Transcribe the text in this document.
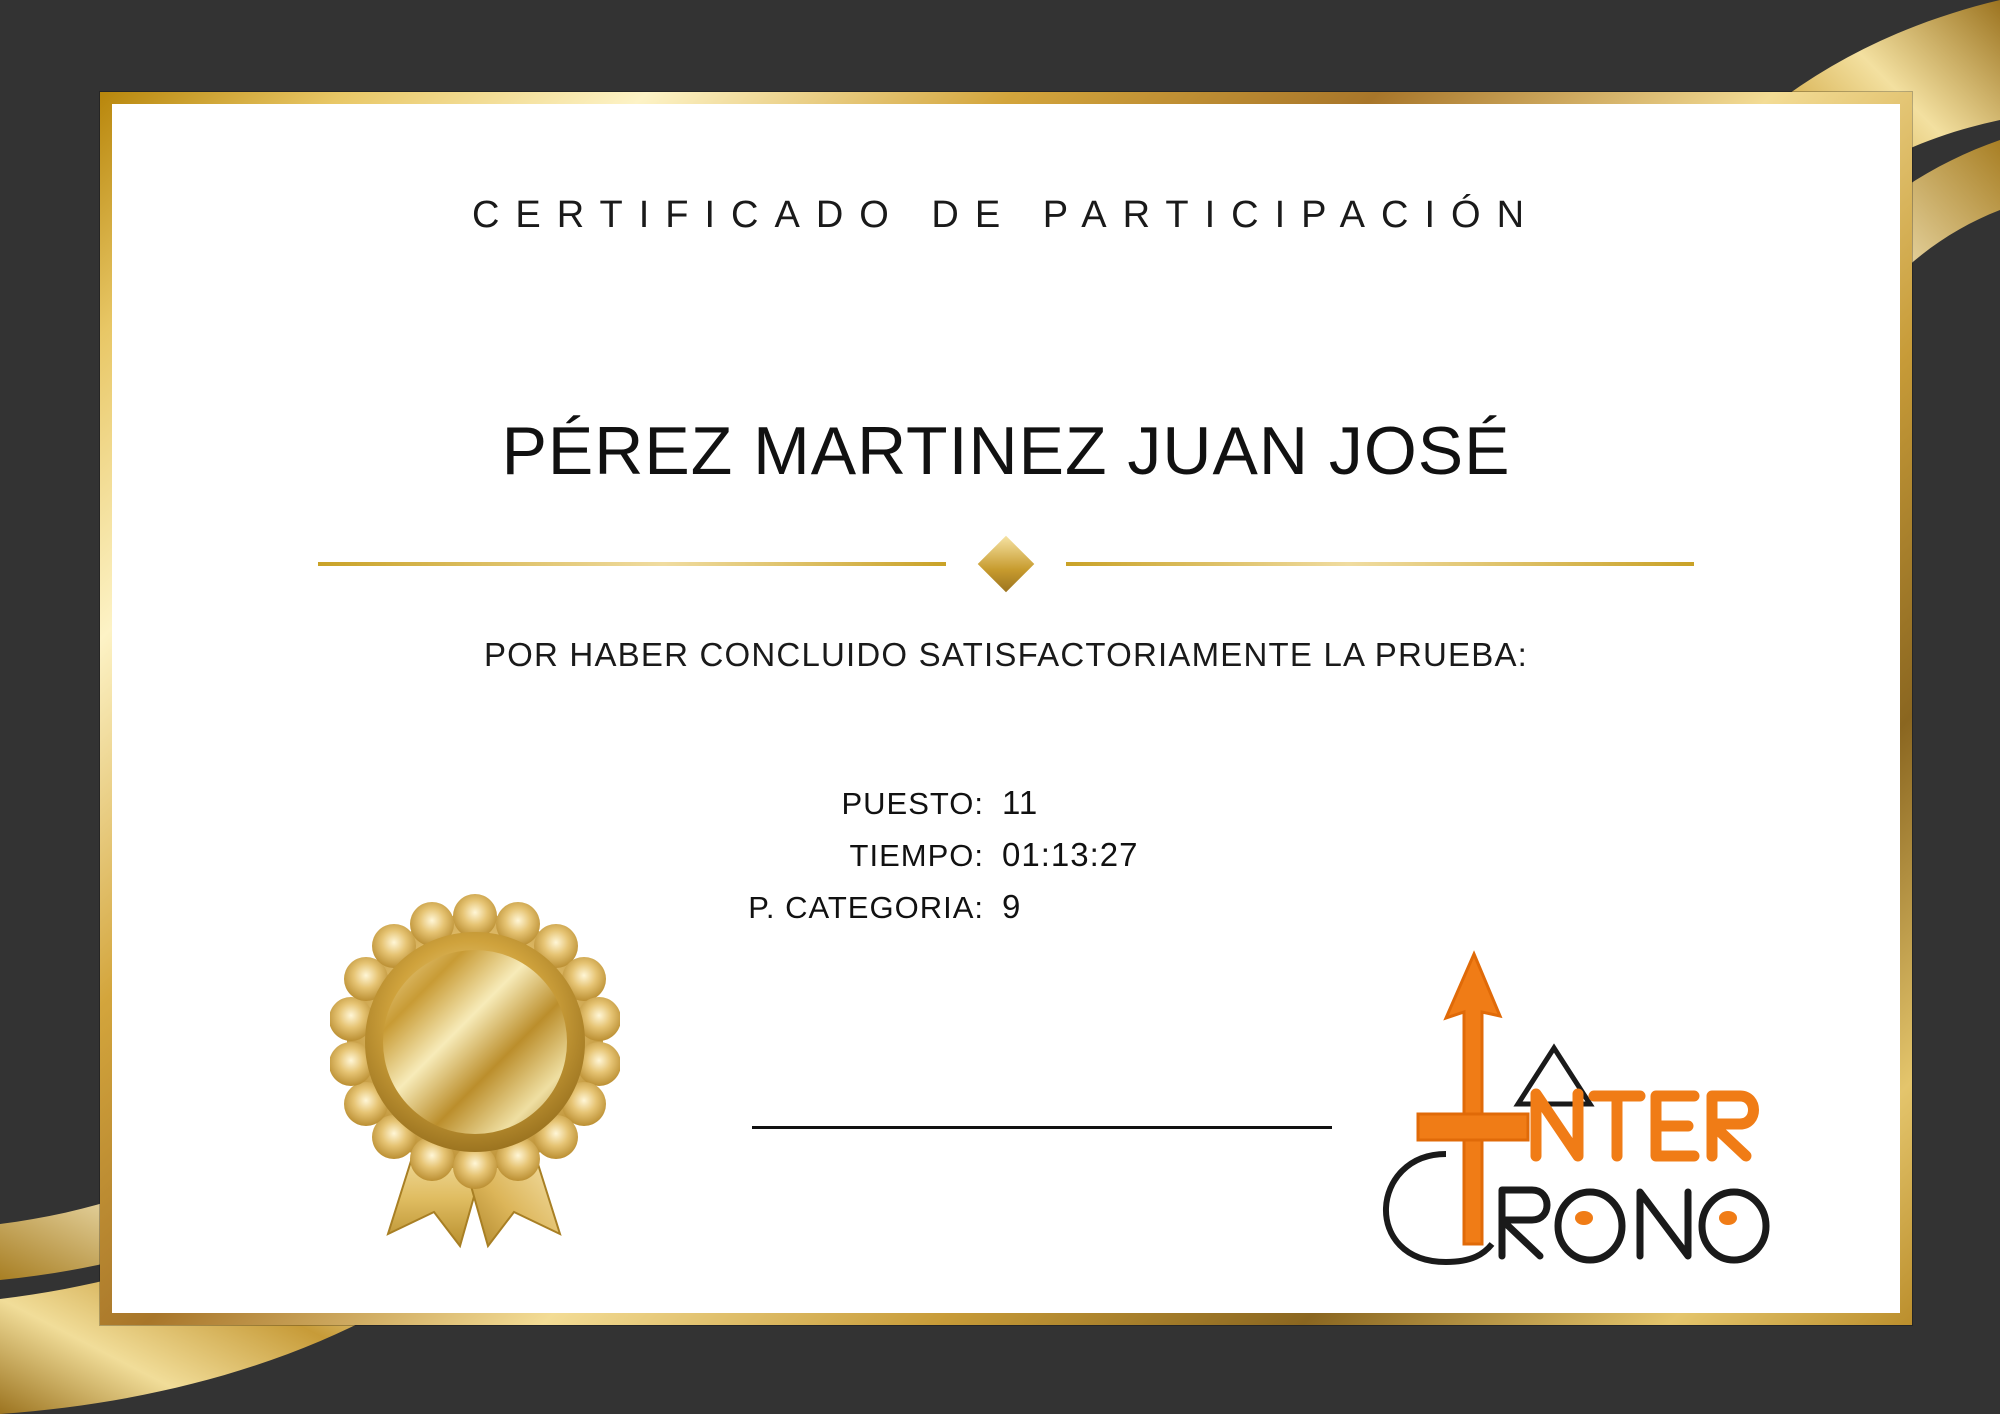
CERTIFICADO DE PARTICIPACIÓN
PÉREZ MARTINEZ JUAN JOSÉ
POR HABER CONCLUIDO SATISFACTORIAMENTE LA PRUEBA:
PUESTO: 11
TIEMPO: 01:13:27
P. CATEGORIA: 9
